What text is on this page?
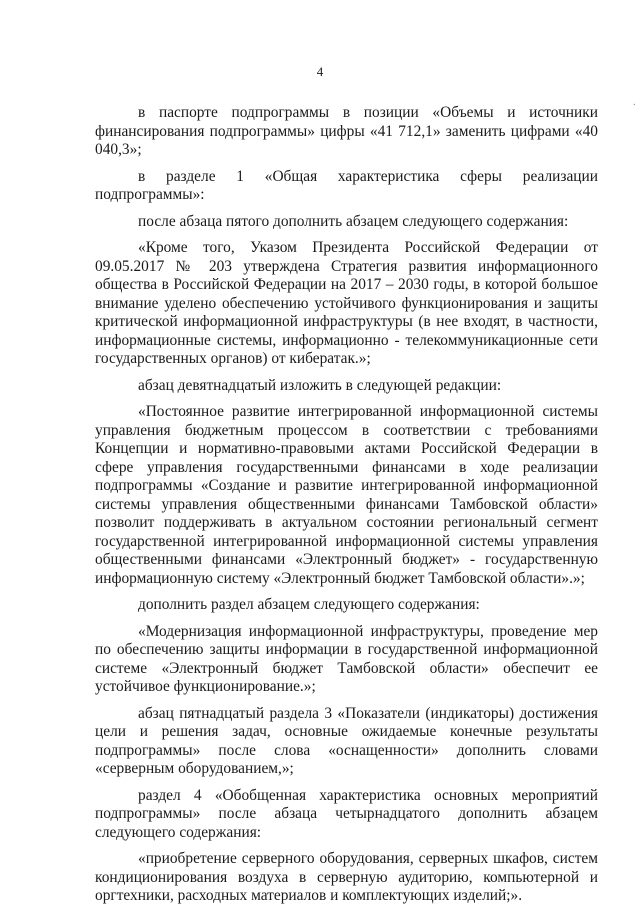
·
4

в паспорте подпрограммы в позиции «Объемы и источники финансирования подпрограммы» цифры «41 712,1» заменить цифрами «40 040,3»;

в разделе 1 «Общая характеристика сферы реализации подпрограммы»:

после абзаца пятого дополнить абзацем следующего содержания:

«Кроме того, Указом Президента Российской Федерации от 09.05.2017 № 203 утверждена Стратегия развития информационного общества в Российской Федерации на 2017 – 2030 годы, в которой большое внимание уделено обеспечению устойчивого функционирования и защиты критической информационной инфраструктуры (в нее входят, в частности, информационные системы, информационно - телекоммуникационные сети государственных органов) от кибератак.»;

абзац девятнадцатый изложить в следующей редакции:

«Постоянное развитие интегрированной информационной системы управления бюджетным процессом в соответствии с требованиями Концепции и нормативно-правовыми актами Российской Федерации в сфере управления государственными финансами в ходе реализации подпрограммы «Создание и развитие интегрированной информационной системы управления общественными финансами Тамбовской области» позволит поддерживать в актуальном состоянии региональный сегмент государственной интегрированной информационной системы управления общественными финансами «Электронный бюджет» - государственную информационную систему «Электронный бюджет Тамбовской области».»;

дополнить раздел абзацем следующего содержания:

«Модернизация информационной инфраструктуры, проведение мер по обеспечению защиты информации в государственной информационной системе «Электронный бюджет Тамбовской области» обеспечит ее устойчивое функционирование.»;

абзац пятнадцатый раздела 3 «Показатели (индикаторы) достижения цели и решения задач, основные ожидаемые конечные результаты подпрограммы» после слова «оснащенности» дополнить словами «серверным оборудованием,»;

раздел 4 «Обобщенная характеристика основных мероприятий подпрограммы» после абзаца четырнадцатого дополнить абзацем следующего содержания:

«приобретение серверного оборудования, серверных шкафов, систем кондиционирования воздуха в серверную аудиторию, компьютерной и оргтехники, расходных материалов и комплектующих изделий;».
